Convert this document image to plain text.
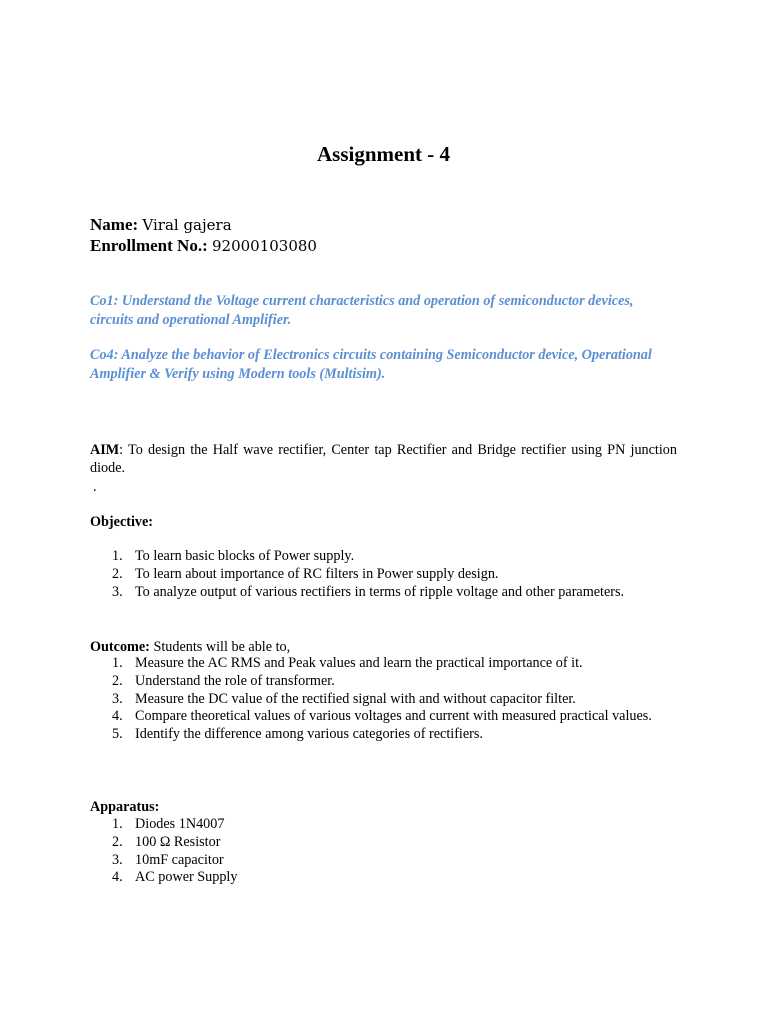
Assignment - 4
Name: Viral gajera
Enrollment No.: 92000103080
Co1: Understand the Voltage current characteristics and operation of semiconductor devices, circuits and operational Amplifier.
Co4: Analyze the behavior of Electronics circuits containing Semiconductor device, Operational Amplifier & Verify using Modern tools (Multisim).
AIM: To design the Half wave rectifier, Center tap Rectifier and Bridge rectifier using PN junction diode.
.
Objective:
1. To learn basic blocks of Power supply.
2. To learn about importance of RC filters in Power supply design.
3. To analyze output of various rectifiers in terms of ripple voltage and other parameters.
Outcome: Students will be able to,
1. Measure the AC RMS and Peak values and learn the practical importance of it.
2. Understand the role of transformer.
3. Measure the DC value of the rectified signal with and without capacitor filter.
4. Compare theoretical values of various voltages and current with measured practical values.
5. Identify the difference among various categories of rectifiers.
Apparatus:
1. Diodes 1N4007
2. 100 Ω Resistor
3. 10mF capacitor
4. AC power Supply
